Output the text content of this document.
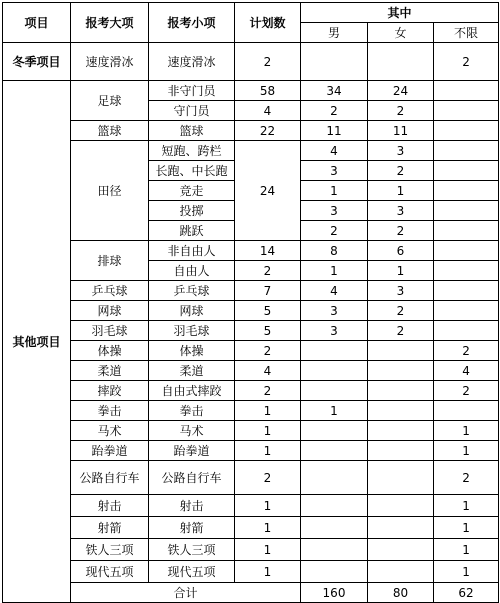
项目	报考大项	报考小项	计划数	其中			
				男	女	不限	
冬季项目	速度滑冰	速度滑冰	2			2	
其他项目	足球	非守门员	58	34	24		
		守门员	4	2	2		
	篮球	篮球	22	11	11		
	田径	短跑、跨栏	24	4	3		
		长跑、中长跑		3	2		
		竞走		1	1		
		投掷		3	3		
		跳跃		2	2		
	排球	非自由人	14	8	6		
		自由人	2	1	1		
	乒乓球	乒乓球	7	4	3		
	网球	网球	5	3	2		
	羽毛球	羽毛球	5	3	2		
	体操	体操	2			2	
	柔道	柔道	4			4	
	摔跤	自由式摔跤	2			2	
	拳击	拳击	1	1			
	马术	马术	1			1	
	跆拳道	跆拳道	1			1	
	公路自行车	公路自行车	2			2	
	射击	射击	1			1	
	射箭	射箭	1			1	
	铁人三项	铁人三项	1			1	
	现代五项	现代五项	1			1	
	合计			160	80	62	
